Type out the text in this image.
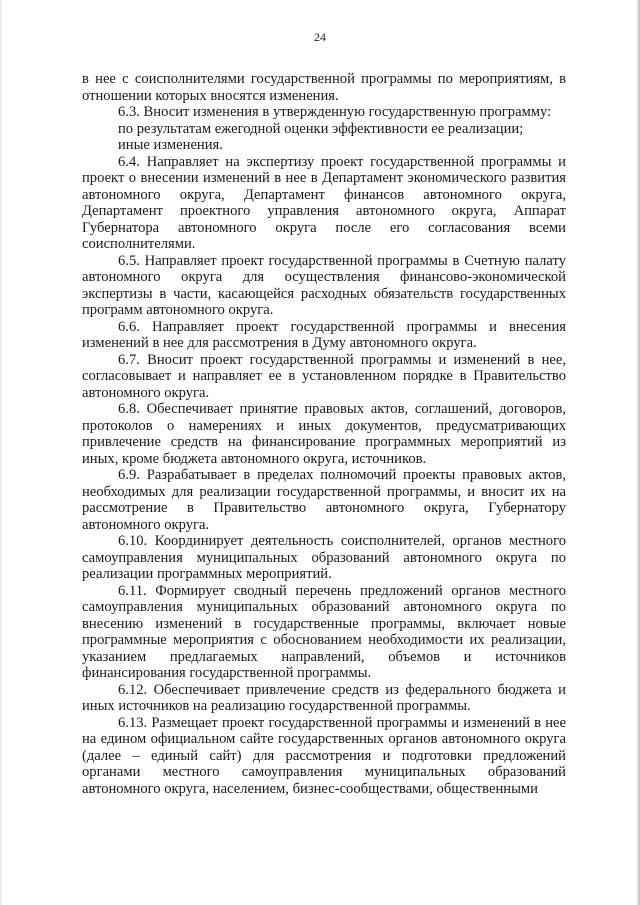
24

в нее с соисполнителями государственной программы по мероприятиям, в отношении которых вносятся изменения.

6.3. Вносит изменения в утвержденную государственную программу:

по результатам ежегодной оценки эффективности ее реализации;

иные изменения.

6.4. Направляет на экспертизу проект государственной программы и проект о внесении изменений в нее в Департамент экономического развития автономного округа, Департамент финансов автономного округа, Департамент проектного управления автономного округа, Аппарат Губернатора автономного округа после его согласования всеми соисполнителями.

6.5. Направляет проект государственной программы в Счетную палату автономного округа для осуществления финансово-экономической экспертизы в части, касающейся расходных обязательств государственных программ автономного округа.

6.6. Направляет проект государственной программы и внесения изменений в нее для рассмотрения в Думу автономного округа.

6.7. Вносит проект государственной программы и изменений в нее, согласовывает и направляет ее в установленном порядке в Правительство автономного округа.

6.8. Обеспечивает принятие правовых актов, соглашений, договоров, протоколов о намерениях и иных документов, предусматривающих привлечение средств на финансирование программных мероприятий из иных, кроме бюджета автономного округа, источников.

6.9. Разрабатывает в пределах полномочий проекты правовых актов, необходимых для реализации государственной программы, и вносит их на рассмотрение в Правительство автономного округа, Губернатору автономного округа.

6.10. Координирует деятельность соисполнителей, органов местного самоуправления муниципальных образований автономного округа по реализации программных мероприятий.

6.11. Формирует сводный перечень предложений органов местного самоуправления муниципальных образований автономного округа по внесению изменений в государственные программы, включает новые программные мероприятия с обоснованием необходимости их реализации, указанием предлагаемых направлений, объемов и источников финансирования государственной программы.

6.12. Обеспечивает привлечение средств из федерального бюджета и иных источников на реализацию государственной программы.

6.13. Размещает проект государственной программы и изменений в нее на едином официальном сайте государственных органов автономного округа (далее – единый сайт) для рассмотрения и подготовки предложений органами местного самоуправления муниципальных образований автономного округа, населением, бизнес-сообществами, общественными
